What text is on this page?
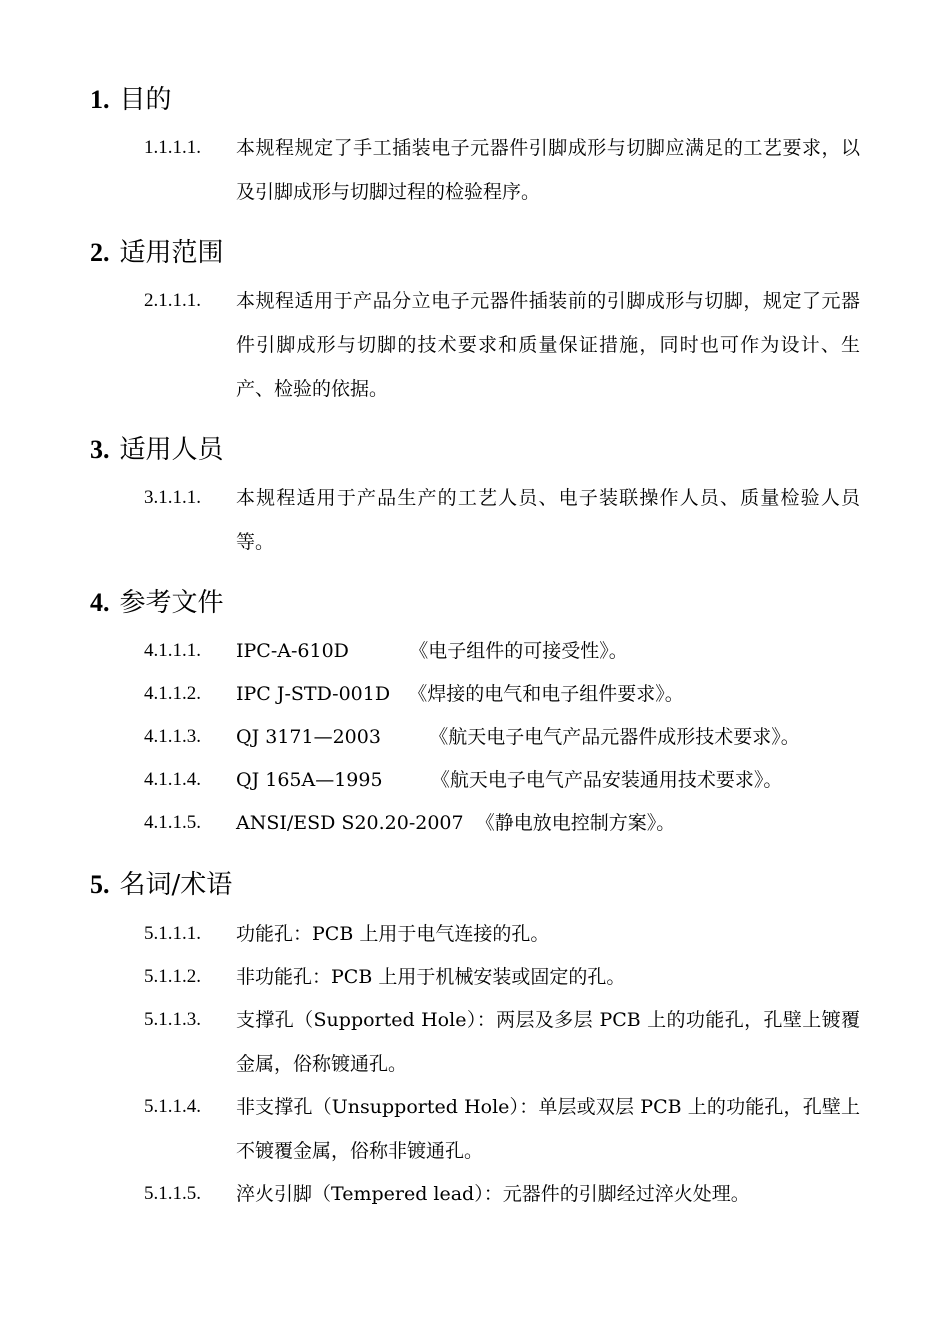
1. 目的
1.1.1.1. 本规程规定了手工插装电子元器件引脚成形与切脚应满足的工艺要求，以及引脚成形与切脚过程的检验程序。
2. 适用范围
2.1.1.1. 本规程适用于产品分立电子元器件插装前的引脚成形与切脚，规定了元器件引脚成形与切脚的技术要求和质量保证措施，同时也可作为设计、生产、检验的依据。
3. 适用人员
3.1.1.1. 本规程适用于产品生产的工艺人员、电子装联操作人员、质量检验人员等。
4. 参考文件
4.1.1.1. IPC-A-610D          《电子组件的可接受性》。
4.1.1.2. IPC J-STD-001D   《焊接的电气和电子组件要求》。
4.1.1.3. QJ 3171—2003        《航天电子电气产品元器件成形技术要求》。
4.1.1.4. QJ 165A—1995        《航天电子电气产品安装通用技术要求》。
4.1.1.5. ANSI/ESD S20.20-2007  《静电放电控制方案》。
5. 名词/术语
5.1.1.1. 功能孔：PCB 上用于电气连接的孔。
5.1.1.2. 非功能孔：PCB 上用于机械安装或固定的孔。
5.1.1.3. 支撑孔（Supported Hole）：两层及多层 PCB 上的功能孔，孔壁上镀覆金属，俗称镀通孔。
5.1.1.4. 非支撑孔（Unsupported Hole）：单层或双层 PCB 上的功能孔，孔壁上不镀覆金属，俗称非镀通孔。
5.1.1.5. 淬火引脚（Tempered lead）：元器件的引脚经过淬火处理。
